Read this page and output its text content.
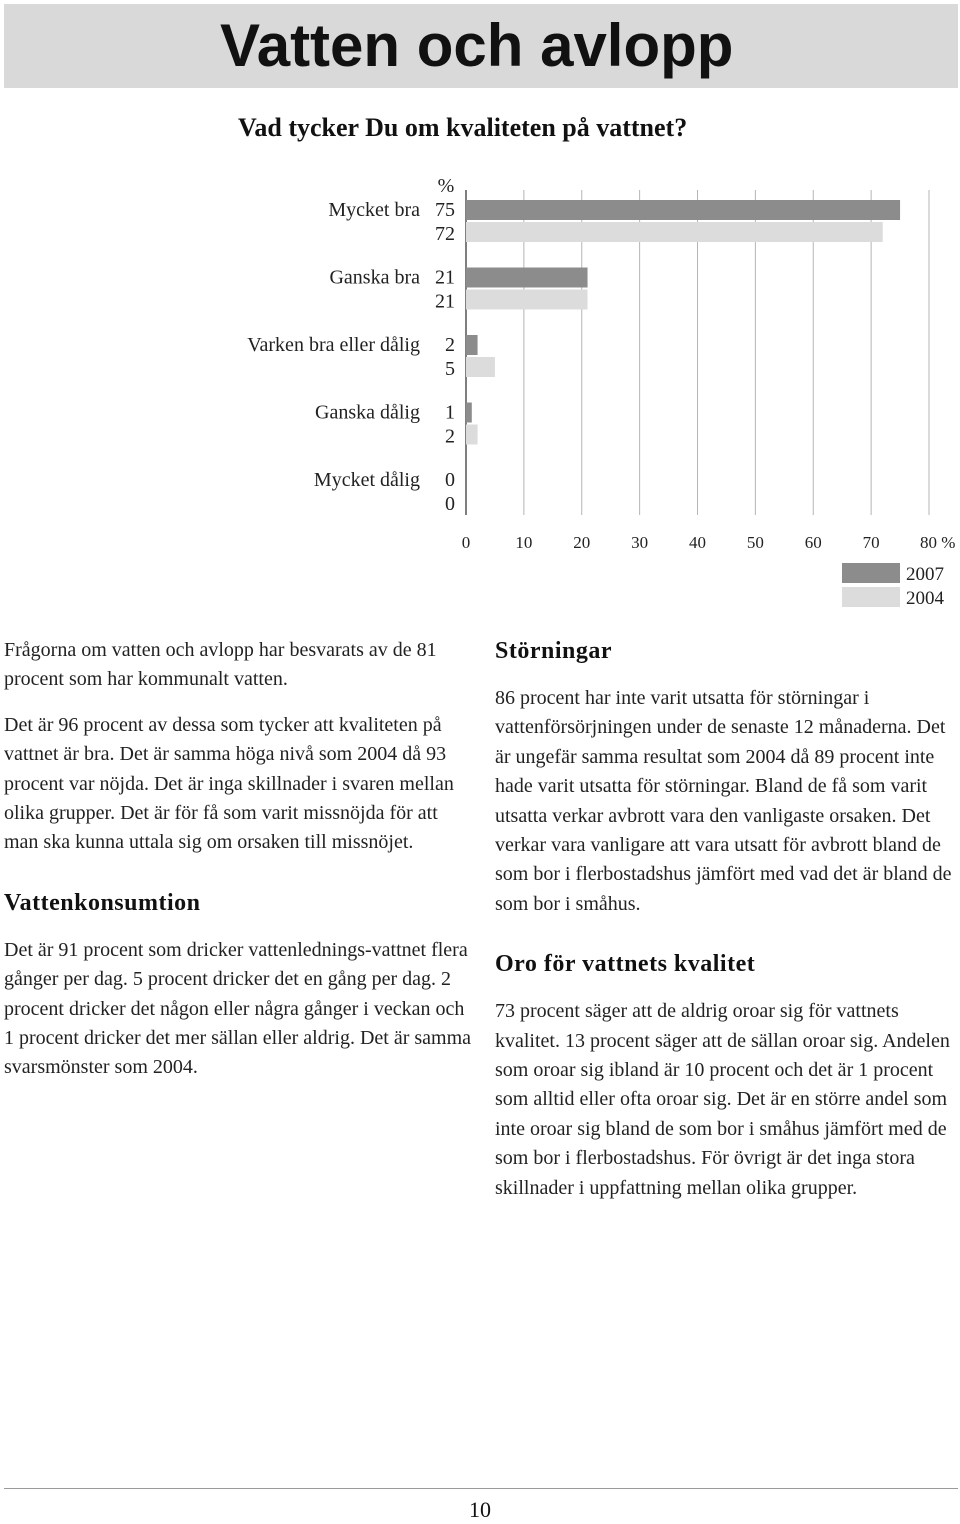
Vatten och avlopp
Vad tycker Du om kvaliteten på vattnet?
%
Mycket bra 75
72
Ganska bra 21
21
Varken bra eller dålig 2
5
Ganska dålig 1
2
Mycket dålig 0
0
0	10 20 30 40 50 60 70 80 %
2007
2004

Frågorna om vatten och avlopp har besvarats av de 81 procent som har kommunalt vatten.

Det är 96 procent av dessa som tycker att kvaliteten på vattnet är bra. Det är samma höga nivå som 2004 då 93 procent var nöjda. Det är inga skillnader i svaren mellan olika grupper. Det är för få som varit missnöjda för att man ska kunna uttala sig om orsaken till missnöjet.

Vattenkonsumtion

Det är 91 procent som dricker vattenlednings-vattnet flera gånger per dag. 5 procent dricker det en gång per dag. 2 procent dricker det någon eller några gånger i veckan och 1 procent dricker det mer sällan eller aldrig. Det är samma svarsmönster som 2004.

Störningar

86 procent har inte varit utsatta för störningar i vattenförsörjningen under de senaste 12 månaderna. Det är ungefär samma resultat som 2004 då 89 procent inte hade varit utsatta för störningar. Bland de få som varit utsatta verkar avbrott vara den vanligaste orsaken. Det verkar vara vanligare att vara utsatt för avbrott bland de som bor i flerbostadshus jämfört med vad det är bland de som bor i småhus.

Oro för vattnets kvalitet

73 procent säger att de aldrig oroar sig för vattnets kvalitet. 13 procent säger att de sällan oroar sig. Andelen som oroar sig ibland är 10 procent och det är 1 procent som alltid eller ofta oroar sig. Det är en större andel som inte oroar sig bland de som bor i småhus jämfört med de som bor i flerbostadshus. För övrigt är det inga stora skillnader i uppfattning mellan olika grupper.

10
